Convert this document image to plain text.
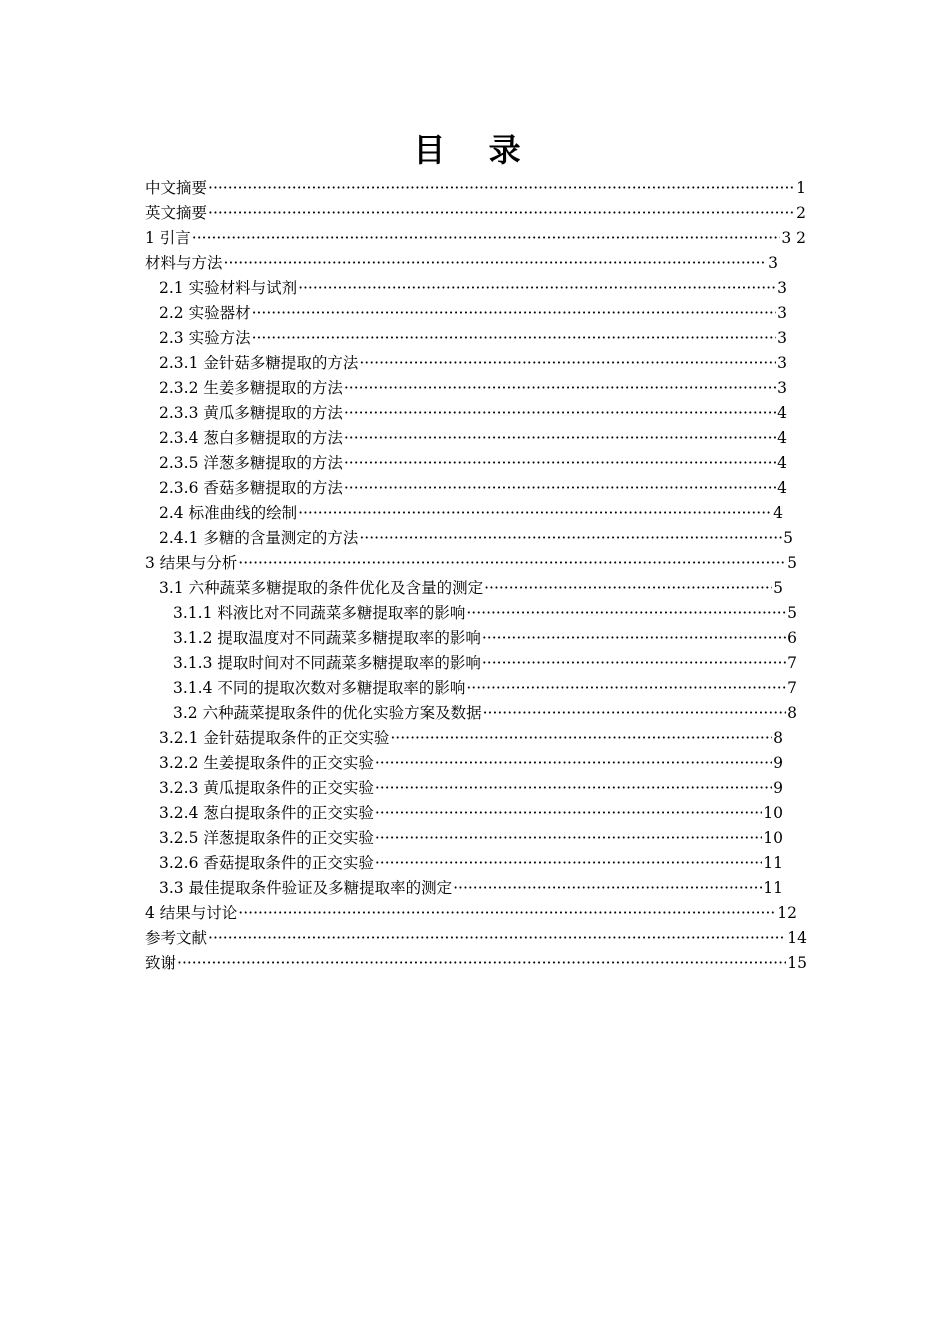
目 录
中文摘要 ·····	1
英文摘要 ·····	2
1 引言 ·····	3 2
材料与方法 ·····	3
2.1 实验材料与试剂 ·····	3
2.2 实验器材 ·····	3
2.3 实验方法 ·····	3
2.3.1 金针菇多糖提取的方法 ·····	3
2.3.2 生姜多糖提取的方法 ·····	3
2.3.3 黄瓜多糖提取的方法 ·····	4
2.3.4 葱白多糖提取的方法 ·····	4
2.3.5 洋葱多糖提取的方法 ·····	4
2.3.6 香菇多糖提取的方法 ·····	4
2.4 标准曲线的绘制 ·····	4
2.4.1 多糖的含量测定的方法 ·····	5
3 结果与分析 ·····	5
3.1 六种蔬菜多糖提取的条件优化及含量的测定 ·····	5
3.1.1 料液比对不同蔬菜多糖提取率的影响 ·····	5
3.1.2 提取温度对不同蔬菜多糖提取率的影响 ·····	6
3.1.3 提取时间对不同蔬菜多糖提取率的影响 ·····	7
3.1.4 不同的提取次数对多糖提取率的影响 ·····	7
3.2 六种蔬菜提取条件的优化实验方案及数据 ·····	8
3.2.1 金针菇提取条件的正交实验 ·····	8
3.2.2 生姜提取条件的正交实验 ·····	9
3.2.3 黄瓜提取条件的正交实验 ·····	9
3.2.4 葱白提取条件的正交实验 ·····	10
3.2.5 洋葱提取条件的正交实验 ·····	10
3.2.6 香菇提取条件的正交实验 ·····	11
3.3 最佳提取条件验证及多糖提取率的测定 ·····	11
4 结果与讨论 ·····	12
参考文献 ·····	14
致谢 ·····	15
